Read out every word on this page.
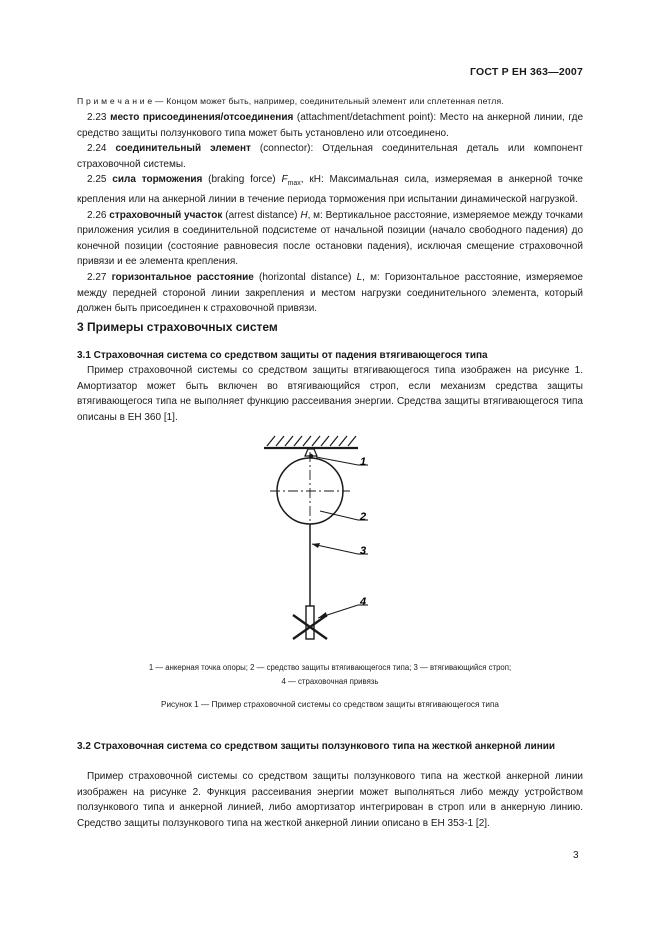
ГОСТ Р ЕН 363—2007
П р и м е ч а н и е — Концом может быть, например, соединительный элемент или сплетенная петля.

2.23 место присоединения/отсоединения (attachment/detachment point): Место на анкерной линии, где средство защиты ползункового типа может быть установлено или отсоединено.

2.24 соединительный элемент (connector): Отдельная соединительная деталь или компонент страховочной системы.

2.25 сила торможения (braking force) $F_{max}$, кН: Максимальная сила, измеряемая в анкерной точке крепления или на анкерной линии в течение периода торможения при испытании динамической нагрузкой.

2.26 страховочный участок (arrest distance) H, м: Вертикальное расстояние, измеряемое между точками приложения усилия в соединительной подсистеме от начальной позиции (начало свободного падения) до конечной позиции (состояние равновесия после остановки падения), исключая смещение страховочной привязи и ее элемента крепления.

2.27 горизонтальное расстояние (horizontal distance) L, м: Горизонтальное расстояние, измеряемое между передней стороной линии закрепления и местом нагрузки соединительного элемента, который должен быть присоединен к страховочной привязи.

3 Примеры страховочных систем
3.1 Страховочная система со средством защиты от падения втягивающегося типа
Пример страховочной системы со средством защиты втягивающегося типа изображен на рисунке 1. Амортизатор может быть включен во втягивающийся строп, если механизм средства защиты втягивающегося типа не выполняет функцию рассеивания энергии. Средства защиты втягивающегося типа описаны в ЕН 360 [1].
1
2
3
4
1 — анкерная точка опоры; 2 — средство защиты втягивающегося типа; 3 — втягивающийся строп;
4 — страховочная привязь
Рисунок 1 — Пример страховочной системы со средством защиты втягивающегося типа
3.2 Страховочная система со средством защиты ползункового типа на жесткой анкерной линии
Пример страховочной системы со средством защиты ползункового типа на жесткой анкерной линии изображен на рисунке 2. Функция рассеивания энергии может выполняться либо между устройством ползункового типа и анкерной линией, либо амортизатор интегрирован в строп или в анкерную линию. Средство защиты ползункового типа на жесткой анкерной линии описано в ЕН 353-1 [2].
3
